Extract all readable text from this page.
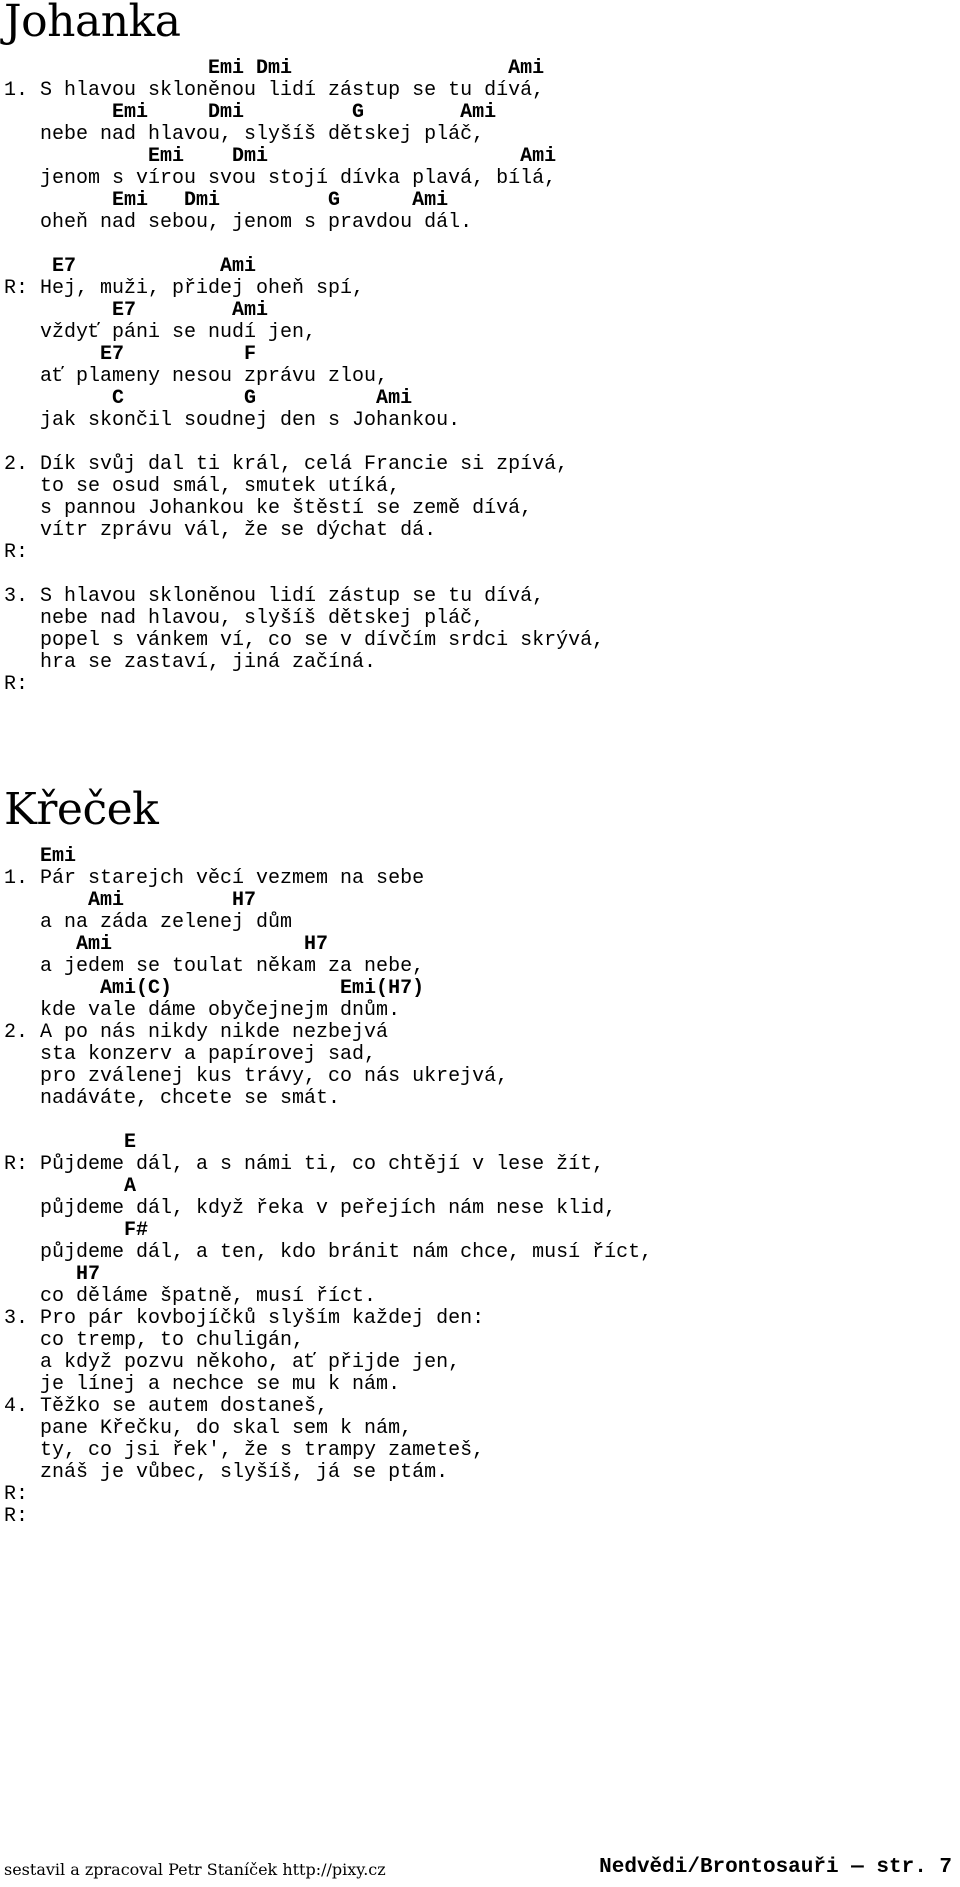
Johanka
Emi Dmi                  Ami
1. S hlavou skloněnou lidí zástup se tu dívá,
Emi     Dmi         G        Ami
nebe nad hlavou, slyšíš dětskej pláč,
Emi    Dmi                     Ami
jenom s vírou svou stojí dívka plavá, bílá,
Emi   Dmi         G      Ami
oheň nad sebou, jenom s pravdou dál.
E7            Ami
R: Hej, muži, přidej oheň spí,
E7        Ami
vždyť páni se nudí jen,
E7          F
ať plameny nesou zprávu zlou,
C          G          Ami
jak skončil soudnej den s Johankou.
2. Dík svůj dal ti král, celá Francie si zpívá,
to se osud smál, smutek utíká,
s pannou Johankou ke štěstí se země dívá,
vítr zprávu vál, že se dýchat dá.
R:
3. S hlavou skloněnou lidí zástup se tu dívá,
nebe nad hlavou, slyšíš dětskej pláč,
popel s vánkem ví, co se v dívčím srdci skrývá,
hra se zastaví, jiná začíná.
R:
Křeček
Emi
1. Pár starejch věcí vezmem na sebe
Ami         H7
a na záda zelenej dům
Ami                H7
a jedem se toulat někam za nebe,
Ami(C)              Emi(H7)
kde vale dáme obyčejnejm dnům.
2. A po nás nikdy nikde nezbejvá
sta konzerv a papírovej sad,
pro zválenej kus trávy, co nás ukrejvá,
nadáváte, chcete se smát.
E
R: Půjdeme dál, a s námi ti, co chtějí v lese žít,
A
půjdeme dál, když řeka v peřejích nám nese klid,
F#
půjdeme dál, a ten, kdo bránit nám chce, musí říct,
H7
co děláme špatně, musí říct.
3. Pro pár kovbojíčků slyším každej den:
co tremp, to chuligán,
a když pozvu někoho, ať přijde jen,
je línej a nechce se mu k nám.
4. Těžko se autem dostaneš,
pane Křečku, do skal sem k nám,
ty, co jsi řek', že s trampy zameteš,
znáš je vůbec, slyšíš, já se ptám.
R:
R:
sestavil a zpracoval Petr Staníček http://pixy.cz	Nedvědi/Brontosauři — str. 7
